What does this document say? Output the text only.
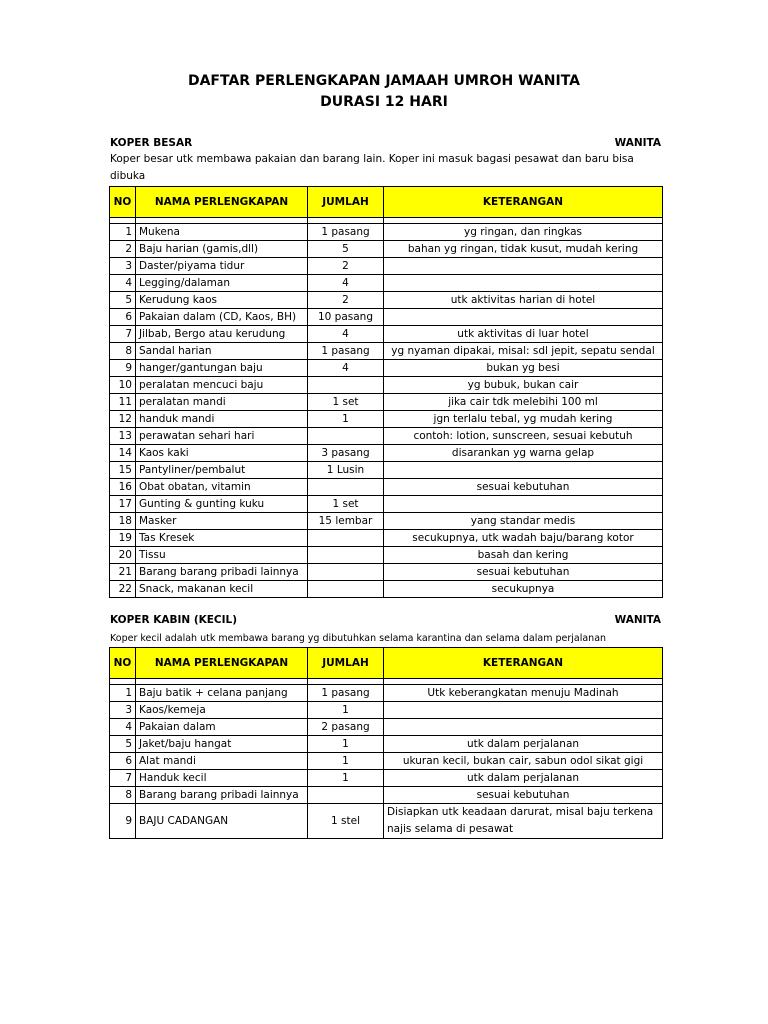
DAFTAR PERLENGKAPAN JAMAAH UMROH WANITA
DURASI 12 HARI
KOPER BESAR	WANITA
Koper besar utk membawa pakaian dan barang lain. Koper ini masuk bagasi pesawat dan baru bisa dibuka
NO	NAMA PERLENGKAPAN	JUMLAH	KETERANGAN

1	Mukena	1 pasang	yg ringan, dan ringkas
2	Baju harian (gamis,dll)	5	bahan yg ringan, tidak kusut, mudah kering
3	Daster/piyama tidur	2	
4	Legging/dalaman	4	
5	Kerudung kaos	2	utk aktivitas harian di hotel
6	Pakaian dalam (CD, Kaos, BH)	10 pasang	
7	Jilbab, Bergo atau kerudung	4	utk aktivitas di luar hotel
8	Sandal harian	1 pasang	yg nyaman dipakai, misal: sdl jepit, sepatu sendal
9	hanger/gantungan baju	4	bukan yg besi
10	peralatan mencuci baju		yg bubuk, bukan cair
11	peralatan mandi	1 set	jika cair tdk melebihi 100 ml
12	handuk mandi	1	jgn terlalu tebal, yg mudah kering
13	perawatan sehari hari		contoh: lotion, sunscreen, sesuai kebutuh
14	Kaos kaki	3 pasang	disarankan yg warna gelap
15	Pantyliner/pembalut	1 Lusin	
16	Obat obatan, vitamin		sesuai kebutuhan
17	Gunting & gunting kuku	1 set	
18	Masker	15 lembar	yang standar medis
19	Tas Kresek		secukupnya, utk wadah baju/barang kotor
20	Tissu		basah dan kering
21	Barang barang pribadi lainnya		sesuai kebutuhan
22	Snack, makanan kecil		secukupnya
KOPER KABIN (KECIL)	WANITA
Koper kecil adalah utk membawa barang yg dibutuhkan selama karantina dan selama dalam perjalanan
NO	NAMA PERLENGKAPAN	JUMLAH	KETERANGAN

1	Baju batik + celana panjang	1 pasang	Utk keberangkatan menuju Madinah
3	Kaos/kemeja	1	
4	Pakaian dalam	2 pasang	
5	Jaket/baju hangat	1	utk dalam perjalanan
6	Alat mandi	1	ukuran kecil, bukan cair, sabun odol sikat gigi
7	Handuk kecil	1	utk dalam perjalanan
8	Barang barang pribadi lainnya		sesuai kebutuhan
9	BAJU CADANGAN	1 stel	Disiapkan utk keadaan darurat, misal baju terkena najis selama di pesawat
